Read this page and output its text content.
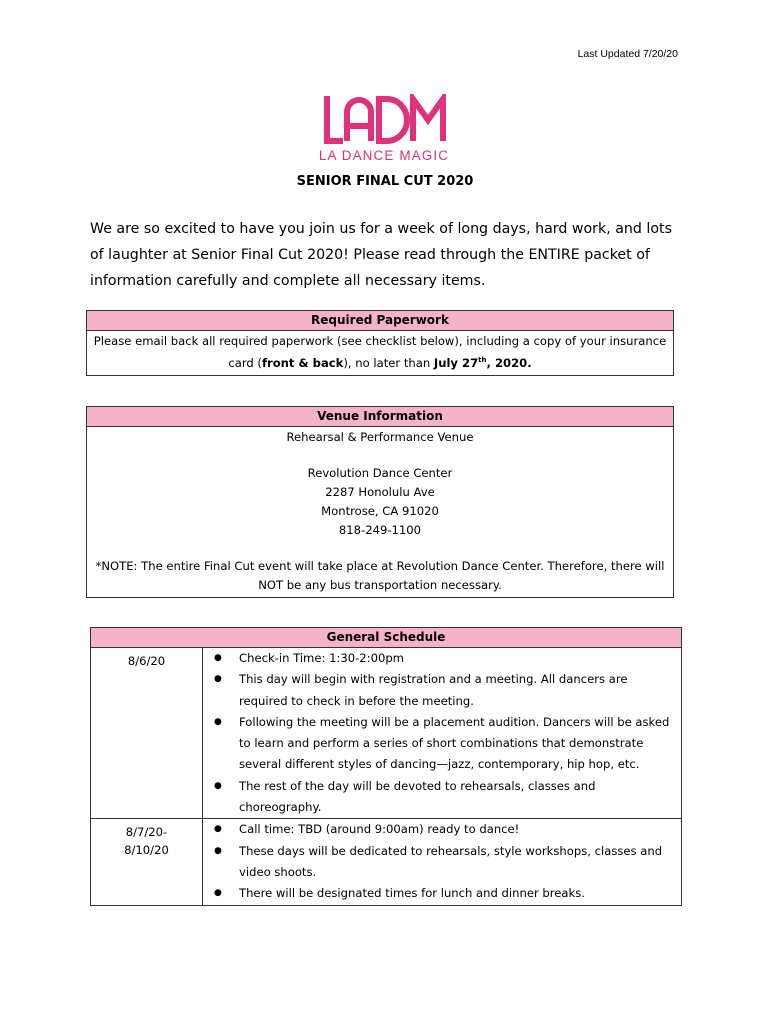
Last Updated 7/20/20
LA DANCE MAGIC
SENIOR FINAL CUT 2020
We are so excited to have you join us for a week of long days, hard work, and lots of laughter at Senior Final Cut 2020! Please read through the ENTIRE packet of information carefully and complete all necessary items.
Required Paperwork
Please email back all required paperwork (see checklist below), including a copy of your insurance card (front & back), no later than July 27th, 2020.
Venue Information

Rehearsal & Performance Venue

Revolution Dance Center

2287 Honolulu Ave

Montrose, CA 91020

818-249-1100

*NOTE: The entire Final Cut event will take place at Revolution Dance Center. Therefore, there will NOT be any bus transportation necessary.

General Schedule
8/6/20
●	Check-in Time: 1:30-2:00pm
● This day will begin with registration and a meeting. All dancers are required to check in before the meeting.
● Following the meeting will be a placement audition. Dancers will be asked to learn and perform a series of short combinations that demonstrate several different styles of dancing—jazz, contemporary, hip hop, etc.
● The rest of the day will be devoted to rehearsals, classes and choreography.
8/7/20-
8/10/20
● Call time: TBD (around 9:00am) ready to dance!
● These days will be dedicated to rehearsals, style workshops, classes and video shoots.
● There will be designated times for lunch and dinner breaks.
